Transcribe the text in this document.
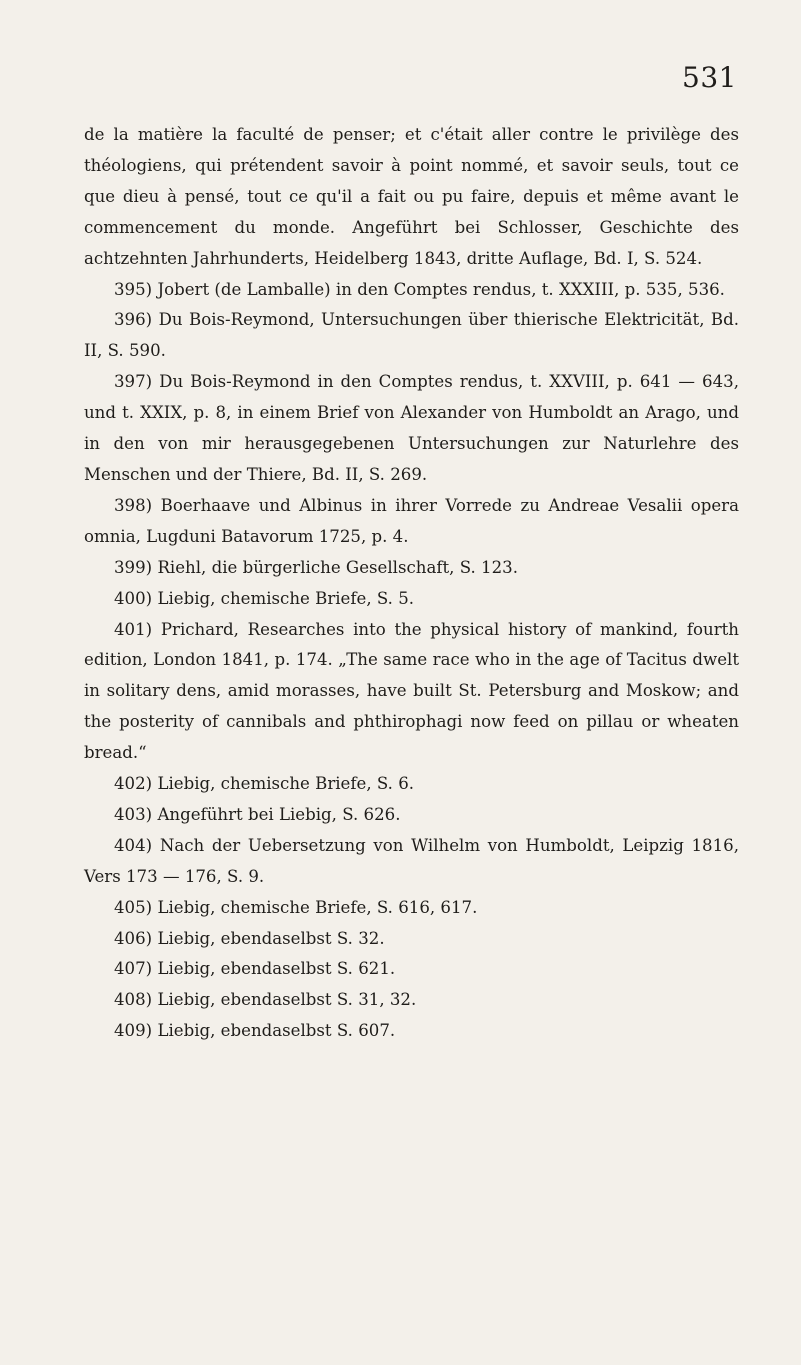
531

de la matière la faculté de penser; et c'était aller contre le privilège des théologiens, qui prétendent savoir à point nommé, et savoir seuls, tout ce que dieu à pensé, tout ce qu'il a fait ou pu faire, depuis et même avant le commencement du monde. Angeführt bei Schlosser, Geschichte des achtzehnten Jahrhunderts, Heidelberg 1843, dritte Auflage, Bd. I, S. 524.

395) Jobert (de Lamballe) in den Comptes rendus, t. XXXIII, p. 535, 536.

396) Du Bois-Reymond, Untersuchungen über thierische Elektricität, Bd. II, S. 590.

397) Du Bois-Reymond in den Comptes rendus, t. XXVIII, p. 641 — 643, und t. XXIX, p. 8, in einem Brief von Alexander von Humboldt an Arago, und in den von mir herausgegebenen Untersuchungen zur Naturlehre des Menschen und der Thiere, Bd. II, S. 269.

398) Boerhaave und Albinus in ihrer Vorrede zu Andreae Vesalii opera omnia, Lugduni Batavorum 1725, p. 4.

399) Riehl, die bürgerliche Gesellschaft, S. 123.

400) Liebig, chemische Briefe, S. 5.

401) Prichard, Researches into the physical history of mankind, fourth edition, London 1841, p. 174. „The same race who in the age of Tacitus dwelt in solitary dens, amid morasses, have built St. Petersburg and Moskow; and the posterity of cannibals and phthirophagi now feed on pillau or wheaten bread.“

402) Liebig, chemische Briefe, S. 6.

403) Angeführt bei Liebig, S. 626.

404) Nach der Uebersetzung von Wilhelm von Humboldt, Leipzig 1816, Vers 173 — 176, S. 9.

405) Liebig, chemische Briefe, S. 616, 617.

406) Liebig, ebendaselbst S. 32.

407) Liebig, ebendaselbst S. 621.

408) Liebig, ebendaselbst S. 31, 32.

409) Liebig, ebendaselbst S. 607.
